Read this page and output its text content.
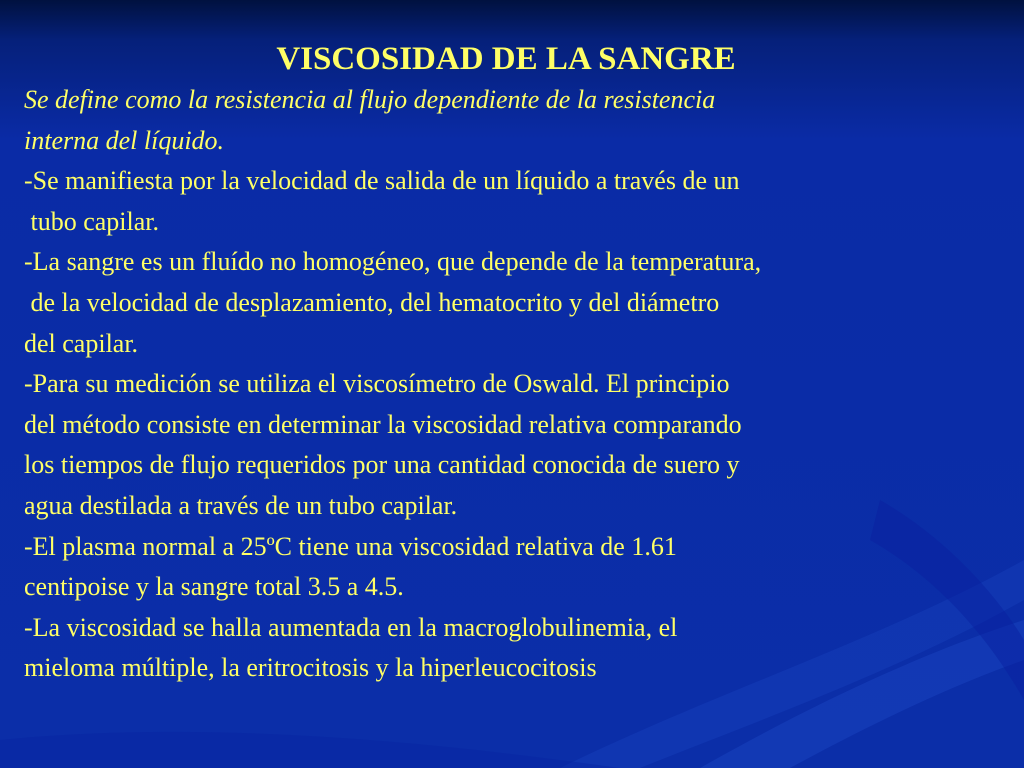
VISCOSIDAD DE LA SANGRE

Se define como la resistencia al flujo dependiente de la resistencia

interna del líquido.

-Se manifiesta por la velocidad de salida de un líquido a través de un

tubo capilar.

-La sangre es un fluído no homogéneo, que depende de la temperatura,

de la velocidad de desplazamiento, del hematocrito y del diámetro

del capilar.

-Para su medición se utiliza el viscosímetro de Oswald. El principio

del método consiste en determinar la viscosidad relativa comparando

los tiempos de flujo requeridos por una cantidad conocida de suero y

agua destilada a través de un tubo capilar.

-El plasma normal a 25ºC tiene una viscosidad relativa de 1.61

centipoise y la sangre total 3.5 a 4.5.

-La viscosidad se halla aumentada en la macroglobulinemia, el

mieloma múltiple, la eritrocitosis y la hiperleucocitosis
